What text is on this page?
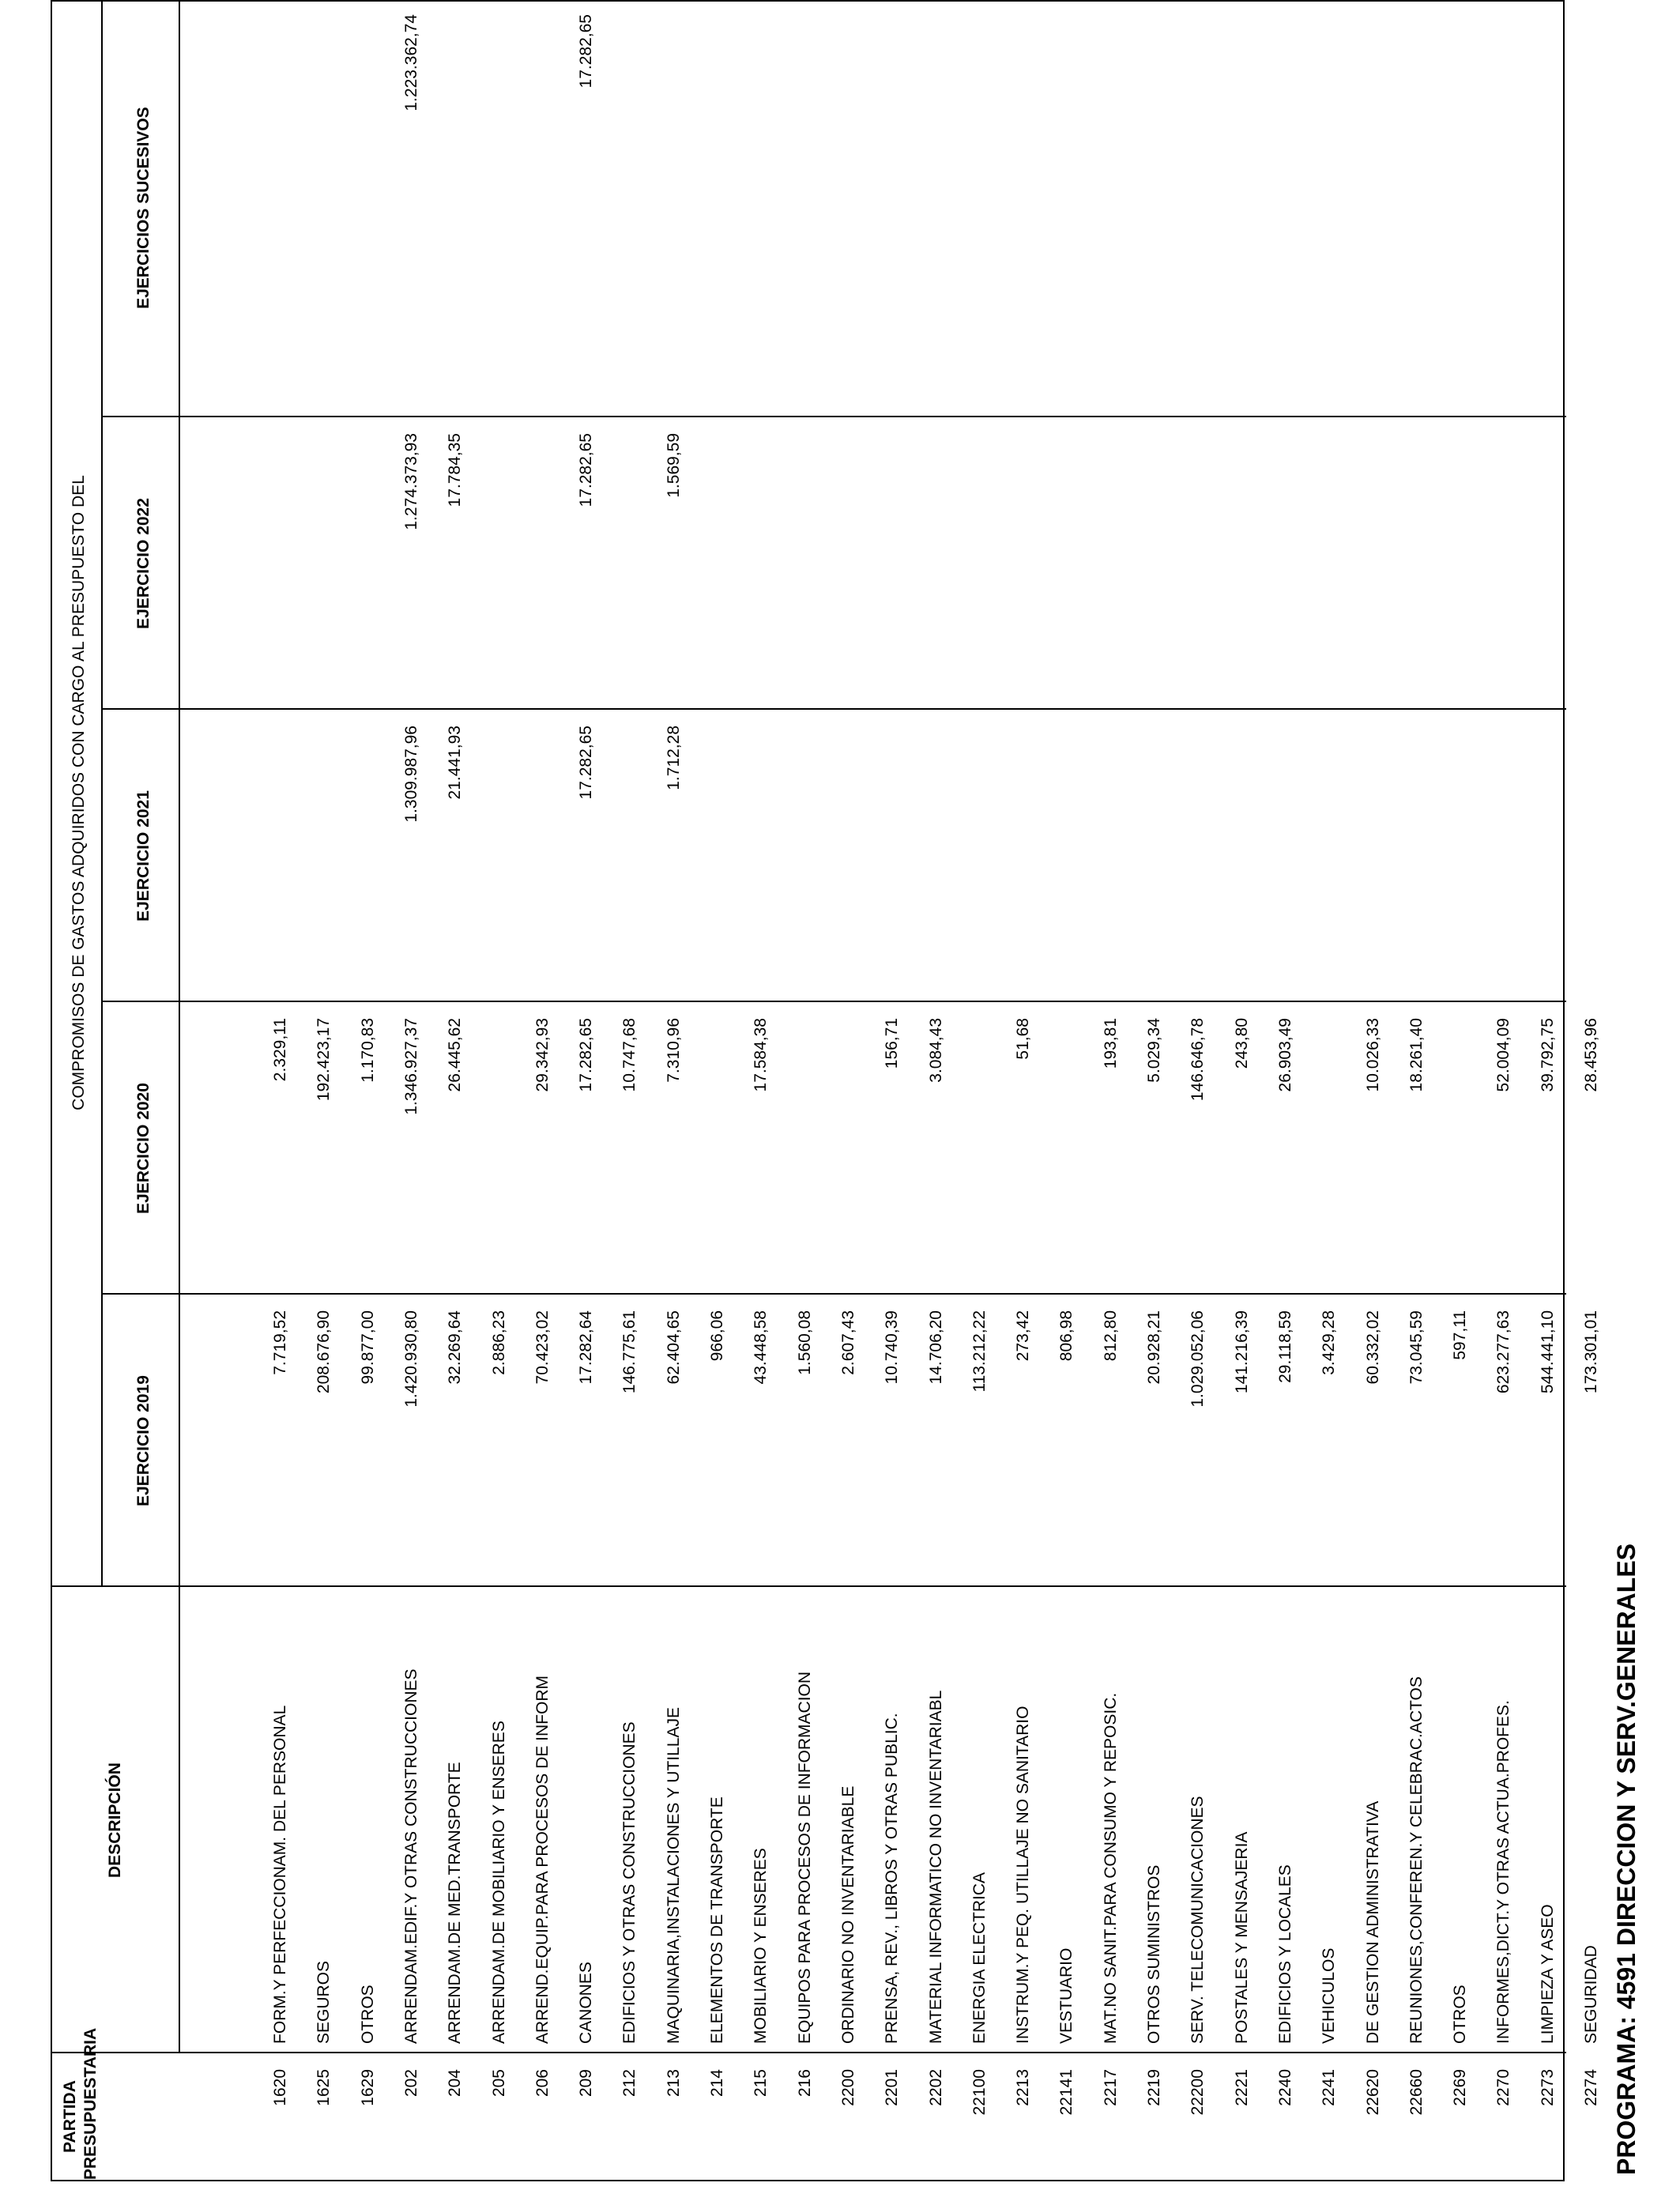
PROGRAMA: 4591 DIRECCION Y SERV.GENERALES
PARTIDA PRESUPUESTARIA
DESCRIPCIÓN
COMPROMISOS DE GASTOS ADQUIRIDOS CON CARGO AL PRESUPUESTO DEL
EJERCICIO 2019
EJERCICIO 2020
EJERCICIO 2021
EJERCICIO 2022
EJERCICIOS SUCESIVOS
1620
FORM.Y PERFECCIONAM. DEL PERSONAL
7.719,52
2.329,11
1625
SEGUROS
208.676,90
192.423,17
1629
OTROS
99.877,00
1.170,83
202
ARRENDAM.EDIF.Y OTRAS CONSTRUCCIONES
1.420.930,80
1.346.927,37
1.309.987,96
1.274.373,93
1.223.362,74
204
ARRENDAM.DE MED.TRANSPORTE
32.269,64
26.445,62
21.441,93
17.784,35
205
ARRENDAM.DE MOBILIARIO Y ENSERES
2.886,23
206
ARREND.EQUIP.PARA PROCESOS DE INFORM
70.423,02
29.342,93
209
CANONES
17.282,64
17.282,65
17.282,65
17.282,65
17.282,65
212
EDIFICIOS Y OTRAS CONSTRUCCIONES
146.775,61
10.747,68
213
MAQUINARIA,INSTALACIONES Y UTILLAJE
62.404,65
7.310,96
1.712,28
1.569,59
214
ELEMENTOS DE TRANSPORTE
966,06
215
MOBILIARIO Y ENSERES
43.448,58
17.584,38
216
EQUIPOS PARA PROCESOS DE INFORMACION
1.560,08
2200
ORDINARIO NO INVENTARIABLE
2.607,43
2201
PRENSA, REV., LIBROS Y OTRAS PUBLIC.
10.740,39
156,71
2202
MATERIAL INFORMATICO NO INVENTARIABL
14.706,20
3.084,43
22100
ENERGIA ELECTRICA
113.212,22
2213
INSTRUM.Y PEQ. UTILLAJE NO SANITARIO
273,42
51,68
22141
VESTUARIO
806,98
2217
MAT.NO SANIT.PARA CONSUMO Y REPOSIC.
812,80
193,81
2219
OTROS SUMINISTROS
20.928,21
5.029,34
22200
SERV. TELECOMUNICACIONES
1.029.052,06
146.646,78
2221
POSTALES Y MENSAJERIA
141.216,39
243,80
2240
EDIFICIOS Y LOCALES
29.118,59
26.903,49
2241
VEHICULOS
3.429,28
22620
DE GESTION ADMINISTRATIVA
60.332,02
10.026,33
22660
REUNIONES,CONFEREN.Y CELEBRAC.ACTOS
73.045,59
18.261,40
2269
OTROS
597,11
2270
INFORMES,DICT.Y OTRAS ACTUA.PROFES.
623.277,63
52.004,09
2273
LIMPIEZA Y ASEO
544.441,10
39.792,75
2274
SEGURIDAD
173.301,01
28.453,96
